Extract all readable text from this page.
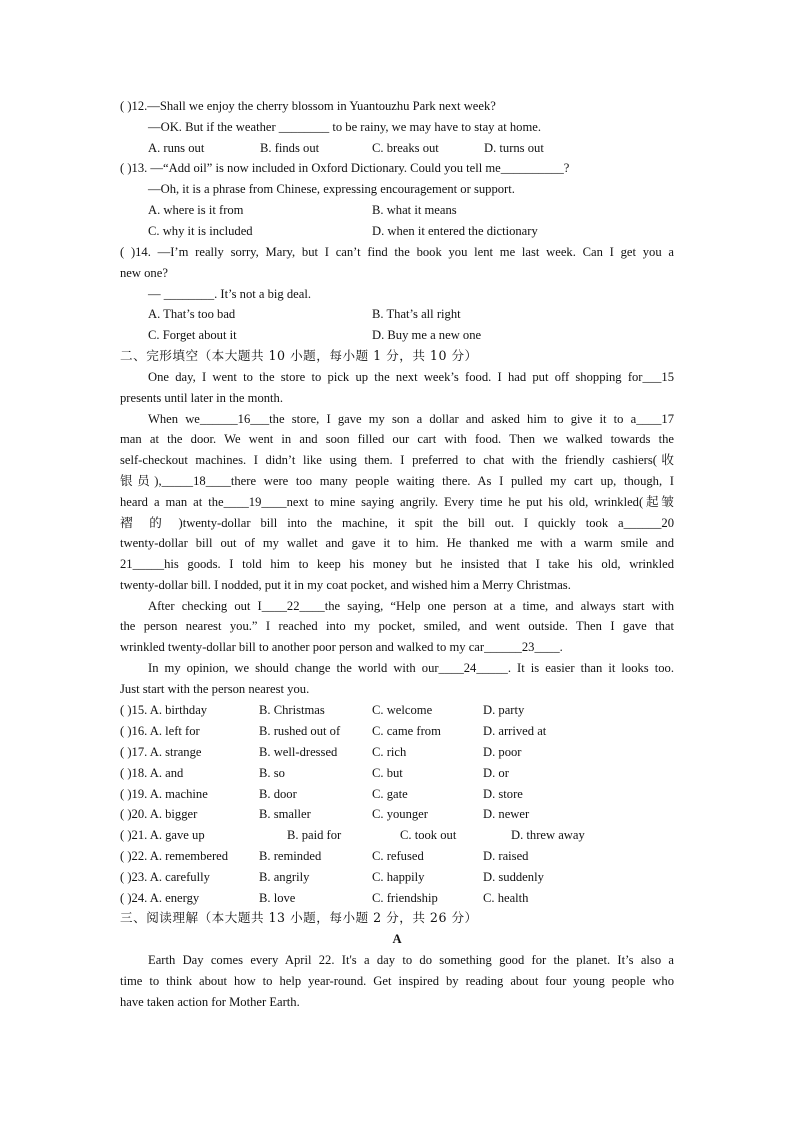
( )12.—Shall we enjoy the cherry blossom in Yuantouzhu Park next week?
—OK. But if the weather ________ to be rainy, we may have to stay at home.
A. runs out	B. finds out	C. breaks out	D. turns out
( )13. —“Add oil” is now included in Oxford Dictionary. Could you tell me__________?
—Oh, it is a phrase from Chinese, expressing encouragement or support.
A. where is it from	B. what it means
C. why it is included	D. when it entered the dictionary
( )14. —I’m really sorry, Mary, but I can’t find the book you lent me last week. Can I get you a
new one?
— ________. It’s not a big deal.
A. That’s too bad	B. That’s all right
C. Forget about it	D. Buy me a new one
二、完形填空（本大题共 10 小题，每小题 1 分，共 10 分）
One day, I went to the store to pick up the next week’s food. I had put off shopping for___15
presents until later in the month.
When we______16___the store, I gave my son a dollar and asked him to give it to a____17
man at the door. We went in and soon filled our cart with food. Then we walked towards the
self-checkout machines. I didn’t like using them. I preferred to chat with the friendly cashiers(收
银员),_____18____there were too many people waiting there. As I pulled my cart up, though, I
heard a man at the____19____next to mine saying angrily. Every time he put his old, wrinkled(起皱
褶 的 )twenty-dollar bill into the machine, it spit the bill out. I quickly took a______20
twenty-dollar bill out of my wallet and gave it to him. He thanked me with a warm smile and
21_____his goods. I told him to keep his money but he insisted that I take his old, wrinkled
twenty-dollar bill. I nodded, put it in my coat pocket, and wished him a Merry Christmas.
After checking out I____22____the saying, “Help one person at a time, and always start with
the person nearest you.” I reached into my pocket, smiled, and went outside. Then I gave that
wrinkled twenty-dollar bill to another poor person and walked to my car______23____.
In my opinion, we should change the world with our____24_____. It is easier than it looks too.
Just start with the person nearest you.
( )15. A. birthday	B. Christmas	C. welcome	D. party
( )16. A. left for	B. rushed out of	C. came from	D. arrived at
( )17. A. strange	B. well-dressed	C. rich	D. poor
( )18. A. and	B. so	C. but	D. or
( )19. A. machine	B. door	C. gate	D. store
( )20. A. bigger	B. smaller	C. younger	D. newer
( )21. A. gave up	B. paid for	C. took out	D. threw away
( )22. A. remembered B. reminded	C. refused	D. raised
( )23. A. carefully	B. angrily	C. happily	D. suddenly
( )24. A. energy	B. love	C. friendship	C. health
三、阅读理解（本大题共 13 小题，每小题 2 分，共 26 分）
A
Earth Day comes every April 22. It's a day to do something good for the planet. It’s also a
time to think about how to help year-round. Get inspired by reading about four young people who
have taken action for Mother Earth.
